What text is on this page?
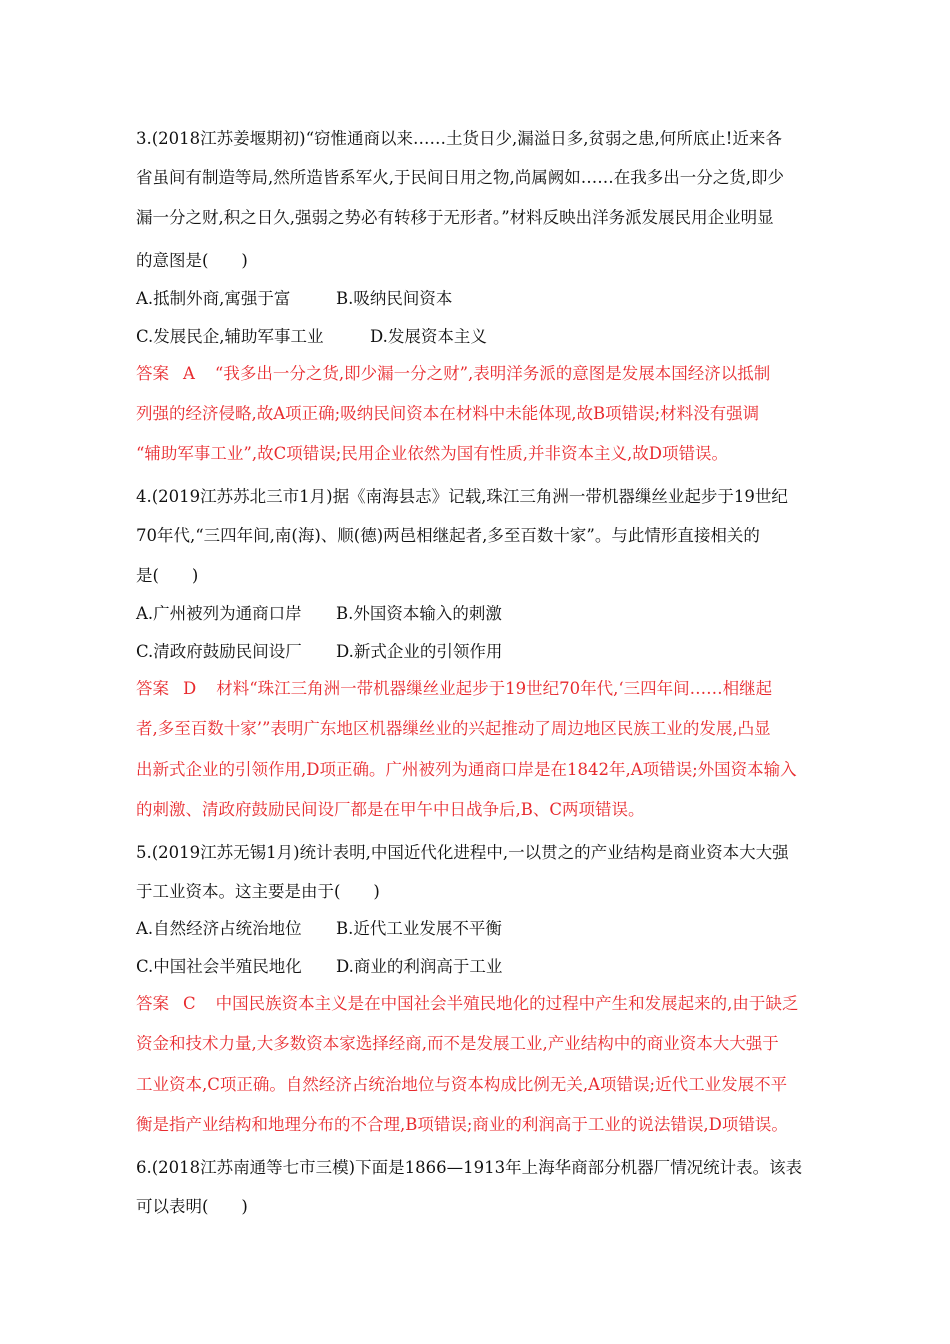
3.(2018江苏姜堰期初)“窃惟通商以来……土货日少,漏溢日多,贫弱之患,何所底止!近来各
省虽间有制造等局,然所造皆系军火,于民间日用之物,尚属阙如……在我多出一分之货,即少
漏一分之财,积之日久,强弱之势必有转移于无形者。”材料反映出洋务派发展民用企业明显
的意图是(　　)
A.抵制外商,寓强于富	B.吸纳民间资本
C.发展民企,辅助军事工业	D.发展资本主义
答案 A “我多出一分之货,即少漏一分之财”,表明洋务派的意图是发展本国经济以抵制
列强的经济侵略,故A项正确;吸纳民间资本在材料中未能体现,故B项错误;材料没有强调
“辅助军事工业”,故C项错误;民用企业依然为国有性质,并非资本主义,故D项错误。
4.(2019江苏苏北三市1月)据《南海县志》记载,珠江三角洲一带机器缫丝业起步于19世纪
70年代,“三四年间,南(海)、顺(德)两邑相继起者,多至百数十家”。与此情形直接相关的
是(　　)
A.广州被列为通商口岸 B.外国资本输入的刺激
C.清政府鼓励民间设厂 D.新式企业的引领作用
答案 D 材料“珠江三角洲一带机器缫丝业起步于19世纪70年代,‘三四年间……相继起
者,多至百数十家’”表明广东地区机器缫丝业的兴起推动了周边地区民族工业的发展,凸显
出新式企业的引领作用,D项正确。广州被列为通商口岸是在1842年,A项错误;外国资本输入
的刺激、清政府鼓励民间设厂都是在甲午中日战争后,B、C两项错误。
5.(2019江苏无锡1月)统计表明,中国近代化进程中,一以贯之的产业结构是商业资本大大强
于工业资本。这主要是由于(　　)
A.自然经济占统治地位 B.近代工业发展不平衡
C.中国社会半殖民地化 D.商业的利润高于工业
答案 C 中国民族资本主义是在中国社会半殖民地化的过程中产生和发展起来的,由于缺乏
资金和技术力量,大多数资本家选择经商,而不是发展工业,产业结构中的商业资本大大强于
工业资本,C项正确。自然经济占统治地位与资本构成比例无关,A项错误;近代工业发展不平
衡是指产业结构和地理分布的不合理,B项错误;商业的利润高于工业的说法错误,D项错误。
6.(2018江苏南通等七市三模)下面是1866—1913年上海华商部分机器厂情况统计表。该表
可以表明(　　)
